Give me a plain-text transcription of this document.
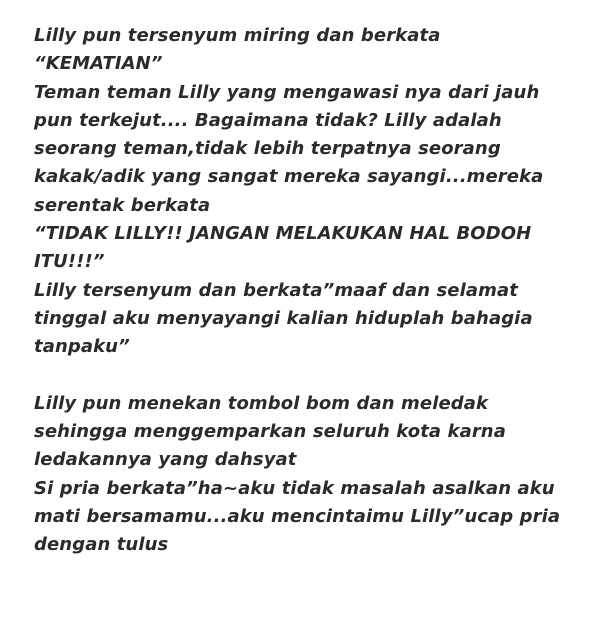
Lilly pun tersenyum miring dan berkata
“KEMATIAN”
Teman teman Lilly yang mengawasi nya dari jauh
pun terkejut.... Bagaimana tidak? Lilly adalah
seorang teman,tidak lebih terpatnya seorang
kakak/adik yang sangat mereka sayangi...mereka
serentak berkata
“TIDAK LILLY!! JANGAN MELAKUKAN HAL BODOH
ITU!!!”
Lilly tersenyum dan berkata”maaf dan selamat
tinggal aku menyayangi kalian hiduplah bahagia
tanpaku”
Lilly pun menekan tombol bom dan meledak
sehingga menggemparkan seluruh kota karna
ledakannya yang dahsyat
Si pria berkata”ha~aku tidak masalah asalkan aku
mati bersamamu...aku mencintaimu Lilly”ucap pria
dengan tulus
